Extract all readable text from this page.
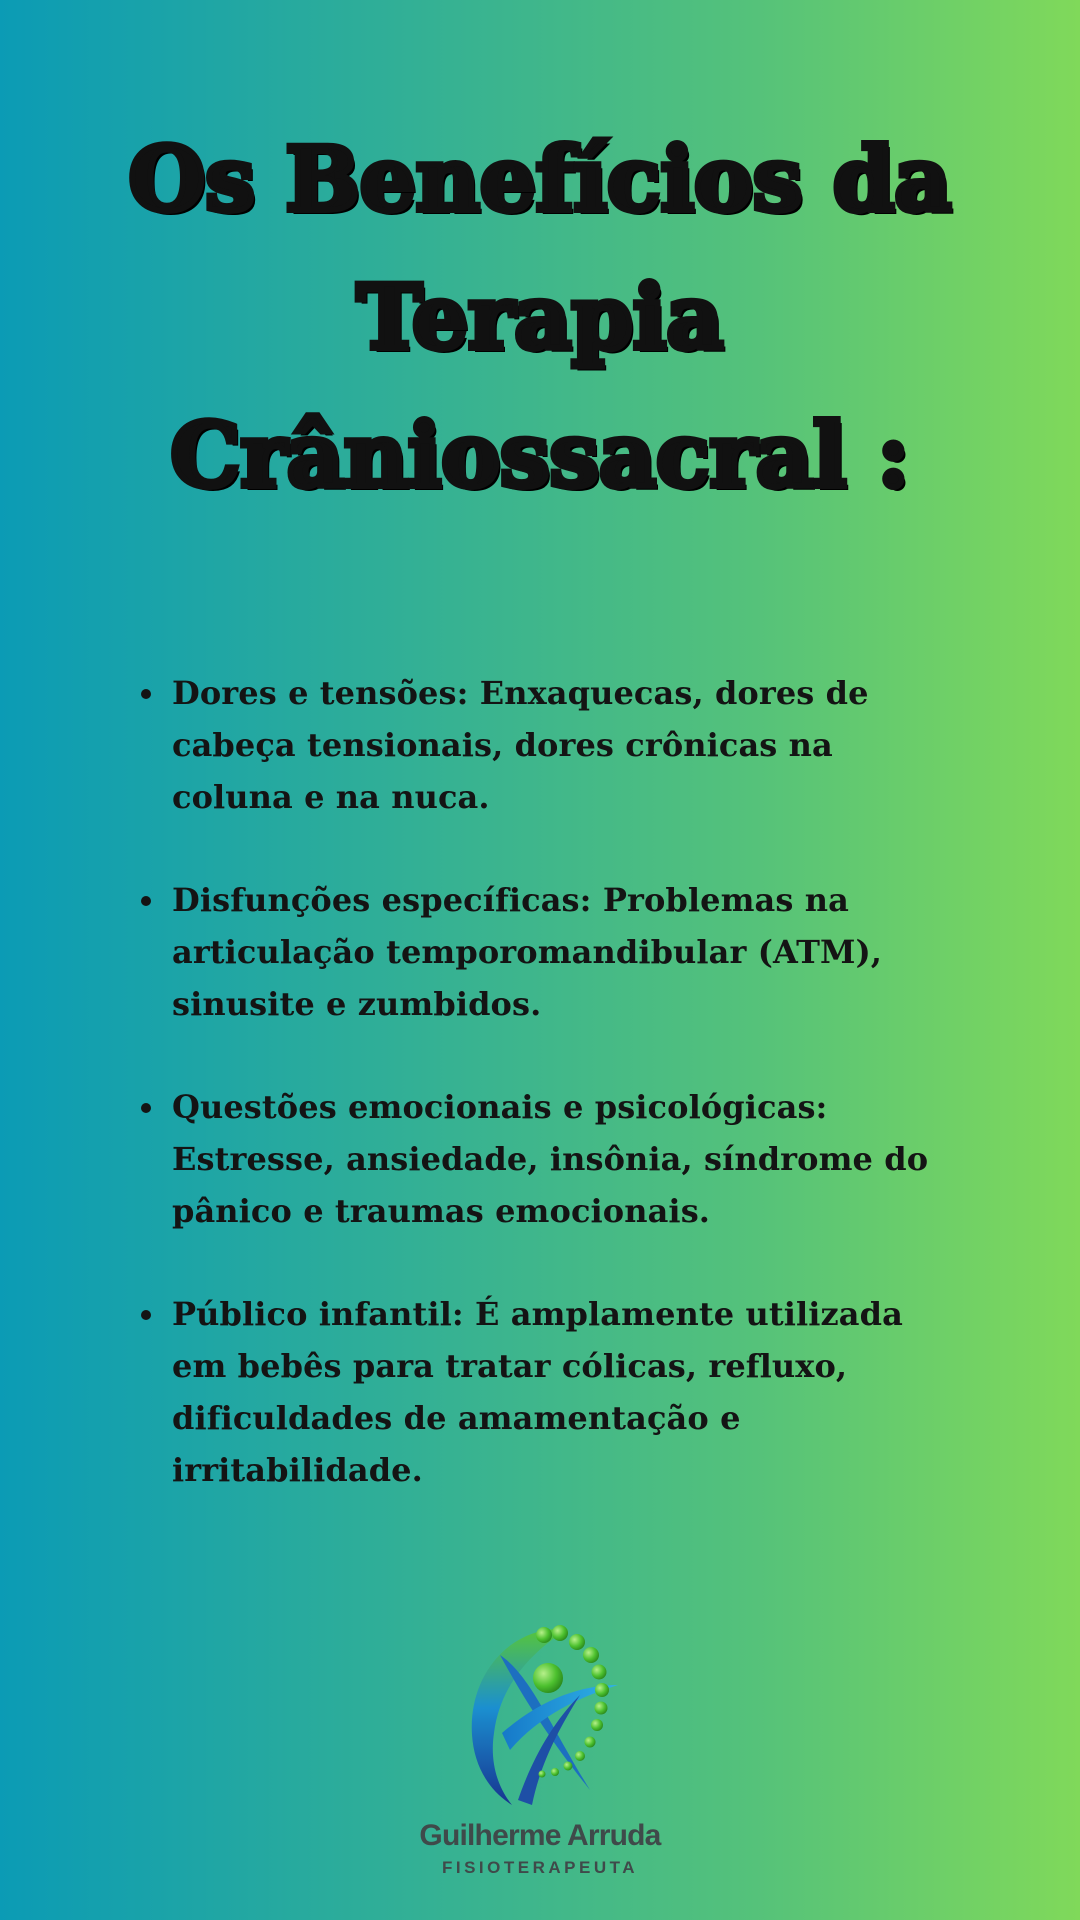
Os Benefícios da
Terapia
Crâniossacral :
Dores e tensões: Enxaquecas, dores de cabeça tensionais, dores crônicas na coluna e na nuca.
Disfunções específicas: Problemas na articulação temporomandibular (ATM), sinusite e zumbidos.
Questões emocionais e psicológicas: Estresse, ansiedade, insônia, síndrome do pânico e traumas emocionais.
Público infantil: É amplamente utilizada em bebês para tratar cólicas, refluxo, dificuldades de amamentação e irritabilidade.
Guilherme Arruda
FISIOTERAPEUTA
